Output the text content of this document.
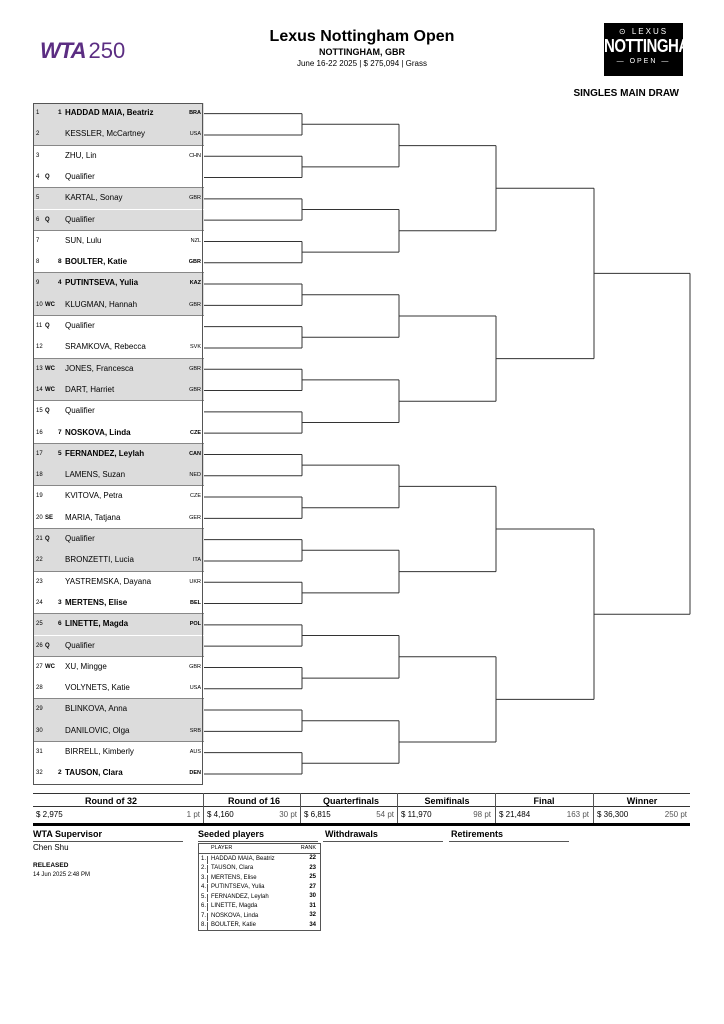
WTA 250
Lexus Nottingham Open
NOTTINGHAM, GBR
June 16-22 2025 | $ 275,094 | Grass
⊙ LEXUS
NOTTINGHAM
— OPEN —
SINGLES MAIN DRAW
1	1 HADDAD MAIA, Beatriz	BRA
2	KESSLER, McCartney	USA
3	ZHU, Lin	CHN
4 Q	Qualifier
5	KARTAL, Sonay	GBR
6 Q	Qualifier
7	SUN, Lulu	NZL
8	8 BOULTER, Katie	GBR
9	4 PUTINTSEVA, Yulia	KAZ
10 WC KLUGMAN, Hannah	GBR
11 Q	Qualifier
12	SRAMKOVA, Rebecca	SVK
13 WC JONES, Francesca	GBR
14 WC DART, Harriet	GBR
15 Q	Qualifier
16	7 NOSKOVA, Linda	CZE
17	5 FERNANDEZ, Leylah	CAN
18	LAMENS, Suzan	NED
19	KVITOVA, Petra	CZE
20 SE	MARIA, Tatjana	GER
21 Q	Qualifier
22	BRONZETTI, Lucia	ITA
23	YASTREMSKA, Dayana	UKR
24	3 MERTENS, Elise	BEL
25	6 LINETTE, Magda	POL
26 Q	Qualifier
27 WC XU, Mingge	GBR
28	VOLYNETS, Katie	USA
29	BLINKOVA, Anna
30	DANILOVIC, Olga	SRB
31	BIRRELL, Kimberly	AUS
32	2 TAUSON, Clara	DEN
Round of 32	Round of 16	Quarterfinals	Semifinals	Final	Winner
$ 2,975	1 pt $ 4,160	30 pt $ 6,815	54 pt $ 11,970	98 pt $ 21,484	163 pt $ 36,300	250 pt
WTA Supervisor
Chen Shu
RELEASED
14 Jun 2025 2:48 PM
Seeded players
PLAYER	RANK
1. HADDAD MAIA, Beatriz	22
2. TAUSON, Clara	23
3. MERTENS, Elise	25
4. PUTINTSEVA, Yulia	27
5. FERNANDEZ, Leylah	30
6. LINETTE, Magda	31
7. NOSKOVA, Linda	32
8. BOULTER, Katie	34
Withdrawals	Retirements
